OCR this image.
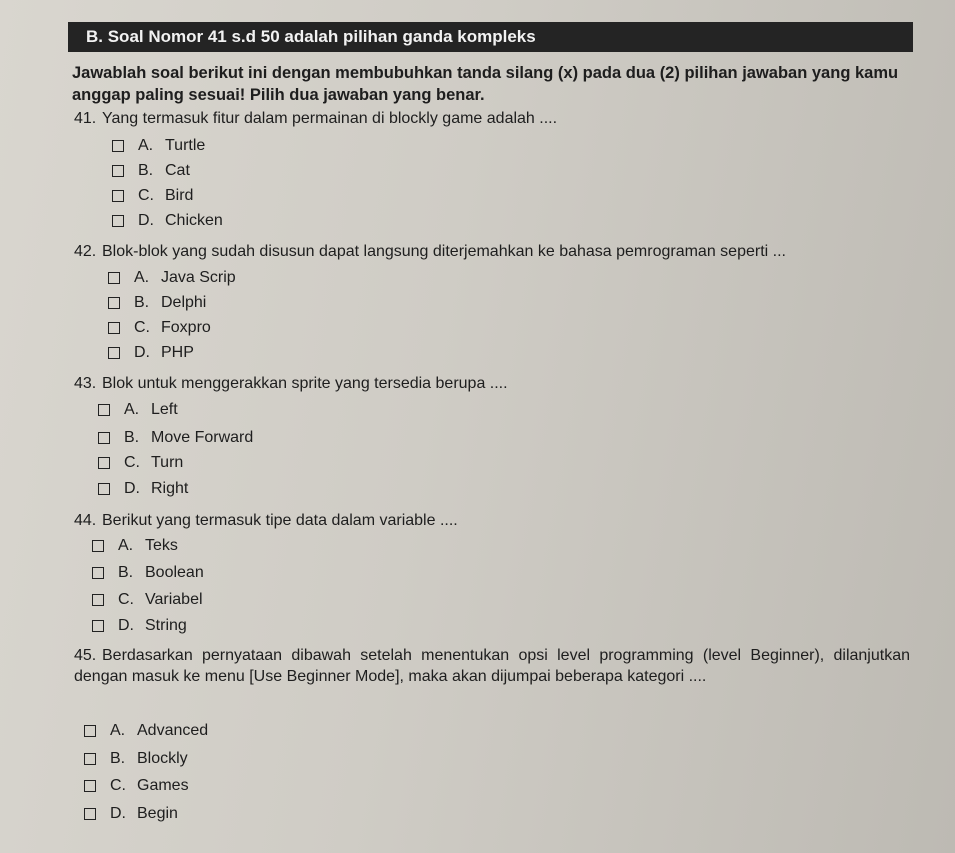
B. Soal Nomor 41 s.d 50 adalah pilihan ganda kompleks
Jawablah soal berikut ini dengan membubuhkan tanda silang (x) pada dua (2) pilihan jawaban yang kamu anggap paling sesuai! Pilih dua jawaban yang benar.
41. Yang termasuk fitur dalam permainan di blockly game adalah ....
A. Turtle
B. Cat
C. Bird
D. Chicken
42. Blok-blok yang sudah disusun dapat langsung diterjemahkan ke bahasa pemrograman seperti ...
A. Java Scrip
B. Delphi
C. Foxpro
D. PHP
43. Blok untuk menggerakkan sprite yang tersedia berupa ....
A. Left
B. Move Forward
C. Turn
D. Right
44. Berikut yang termasuk tipe data dalam variable ....
A. Teks
B. Boolean
C. Variabel
D. String
45. Berdasarkan pernyataan dibawah setelah menentukan opsi level programming (level Beginner), dilanjutkan dengan masuk ke menu [Use Beginner Mode], maka akan dijumpai beberapa kategori ....
A. Advanced
B. Blockly
C. Games
D. Begin
